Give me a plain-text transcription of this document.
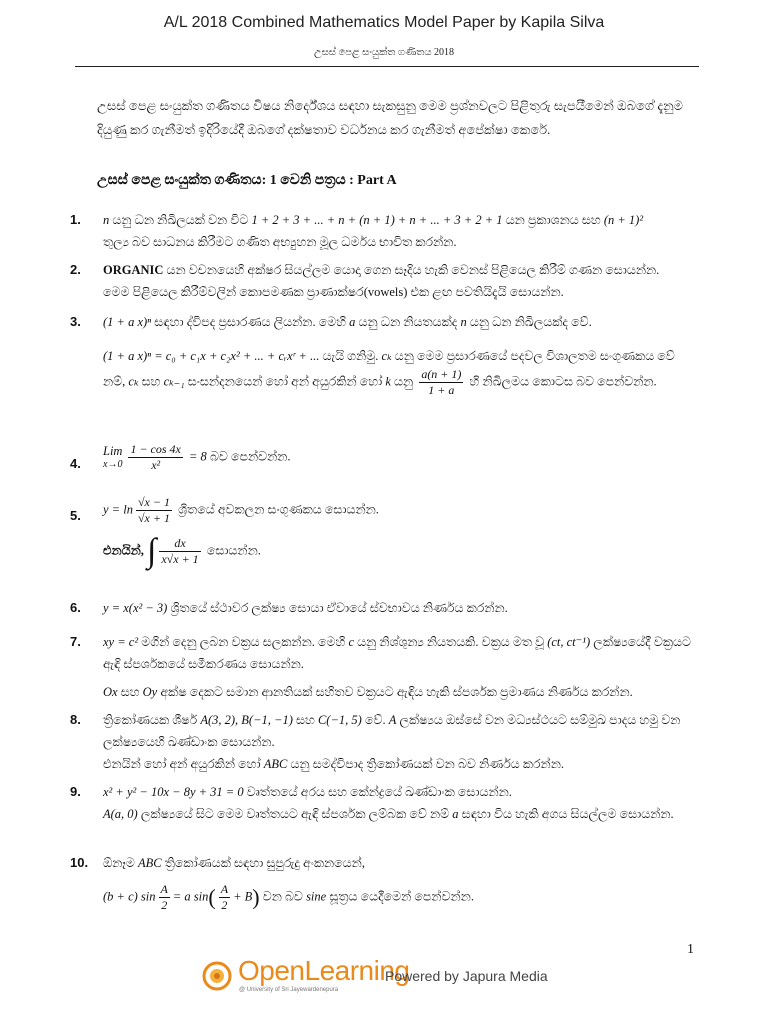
A/L 2018 Combined Mathematics Model Paper by Kapila Silva
උසස් පෙළ සංයුක්ත ගණිතය 2018
උසස් පෙළ සංයුක්ත ගණිතය විෂය නිර්දේශය සඳහා සැකසුනු මෙම ප්‍රශ්නවලට පිළිතුරු සැපයීමෙන් ඔබගේ දැනුම දියුණු කර ගැනීමත් ඉදිරියේදී ඔබගේ දක්ෂතාව වර්ධනය කර ගැනීමත් අපේක්ෂා කෙරේ.
උසස් පෙළ සංයුක්ත ගණිතය: 1 වෙනි පත්‍රය : Part A
1. n යනු ධන නිඛිලයක් වන විට 1 + 2 + 3 + ... + n + (n + 1) + n + ... + 3 + 2 + 1 යන ප්‍රකාශනය සහ (n + 1)²

තුල්‍ය බව සාධනය කිරීමට ගණිත අභ්‍යුහන මූල ධර්මය භාවිත කරන්න.

2. ORGANIC යන වචනයෙහි අක්ෂර සියල්ලම යොදා ගෙන සෑදිය හැකි වෙනස් පිළියෙල කිරීම් ගණන සොයන්න.

මෙම පිළියෙල කිරීම්වලින් කොපමණක ප්‍රාණාක්ෂර(vowels) එක ළඟ පවතියිදැයි සොයන්න.

3. (1 + a x)ⁿ සඳහා ද්විපද ප්‍රසාරණය ලියන්න. මෙහි a යනු ධන නියතයක්ද n යනු ධන නිඛිලයක්ද වේ.

(1 + a x)ⁿ = c₀ + c₁x + c₂x² + ... + cᵣxʳ + ... යැයි ගනිමු. cₖ යනු මෙම ප්‍රසාරණයේ පදවල විශාලතම සංගුණකය වේ නම්, cₖ සහ cₖ₋₁ සංසන්දනයෙන් හෝ අන් අයුරකින් හෝ k යනු $\frac{a(n + 1)}{1 + a}$ හි නිඛිලමය කොටස බව පෙන්වන්න.

4.

Lim
$x\to 0 \frac{1 - \cos 4x}{\text{x²}} = 8$ බව පෙන්වන්න.

5. $y = \ln \frac{√x - 1}{√x + 1}$ ශ්‍රිතයේ අවකලන සංගුණකය සොයන්න.

එනයින්, ∫ $\frac{dx}{x√x + 1}$ සොයන්න.

6. y = x(x² − 3) ශ්‍රිතයේ ස්ථාවර ලක්ෂ්‍ය සොයා ඒවායේ ස්වභාවය නිර්ණය කරන්න.

7. xy = c² මගින් දෙනු ලබන වක්‍රය සලකන්න. මෙහි c යනු නිශ්ශුන්‍ය නියතයකි. වක්‍රය මත වූ (ct, ct⁻¹) ලක්ෂ්‍යයේදී වක්‍රයට ඇඳි ස්පර්ශකයේ සමීකරණය සොයන්න.

Ox සහ Oy අක්ෂ දෙකට සමාන ආනතියක් සහිතව වක්‍රයට ඇඳිය හැකි ස්පර්ශක ප්‍රමාණය නිර්ණය කරන්න.

8. ත්‍රිකෝණයක ශීර්ෂ A(3, 2), B(−1, −1) සහ C(−1, 5) වේ. A ලක්ෂ්‍යය ඔස්සේ වන මධ්‍යස්ථයට සම්මුඛ පාදය හමු වන ලක්ෂ්‍යයෙහි ඛණ්ඩාංක සොයන්න.

එනයින් හෝ අන් අයුරකින් හෝ ABC යනු සමද්විපාද ත්‍රිකෝණයක් වන බව නිර්ණය කරන්න.

9. x² + y² − 10x − 8y + 31 = 0 වෘත්තයේ අරය සහ කේන්ද්‍රයේ ඛණ්ඩාංක සොයන්න.

A(a, 0) ලක්ෂ්‍යයේ සිට මෙම වෘත්තයට ඇඳි ස්පර්ශක ලම්බක වේ නම් a සඳහා විය හැකි අගය සියල්ලම සොයන්න.

10. ඕනෑම ABC ත්‍රිකෝණයක් සඳහා සුපුරුදු අංකනයෙන්,

(b + c) $\sin \frac{A}{2} = a$ $\sin( \frac{A}{2} + B)$ වන බව sine සූත්‍රය යෙදීමෙන් පෙන්වන්න.

1
OpenLearning
@ University of Sri Jayewardenepura
Powered by Japura Media
